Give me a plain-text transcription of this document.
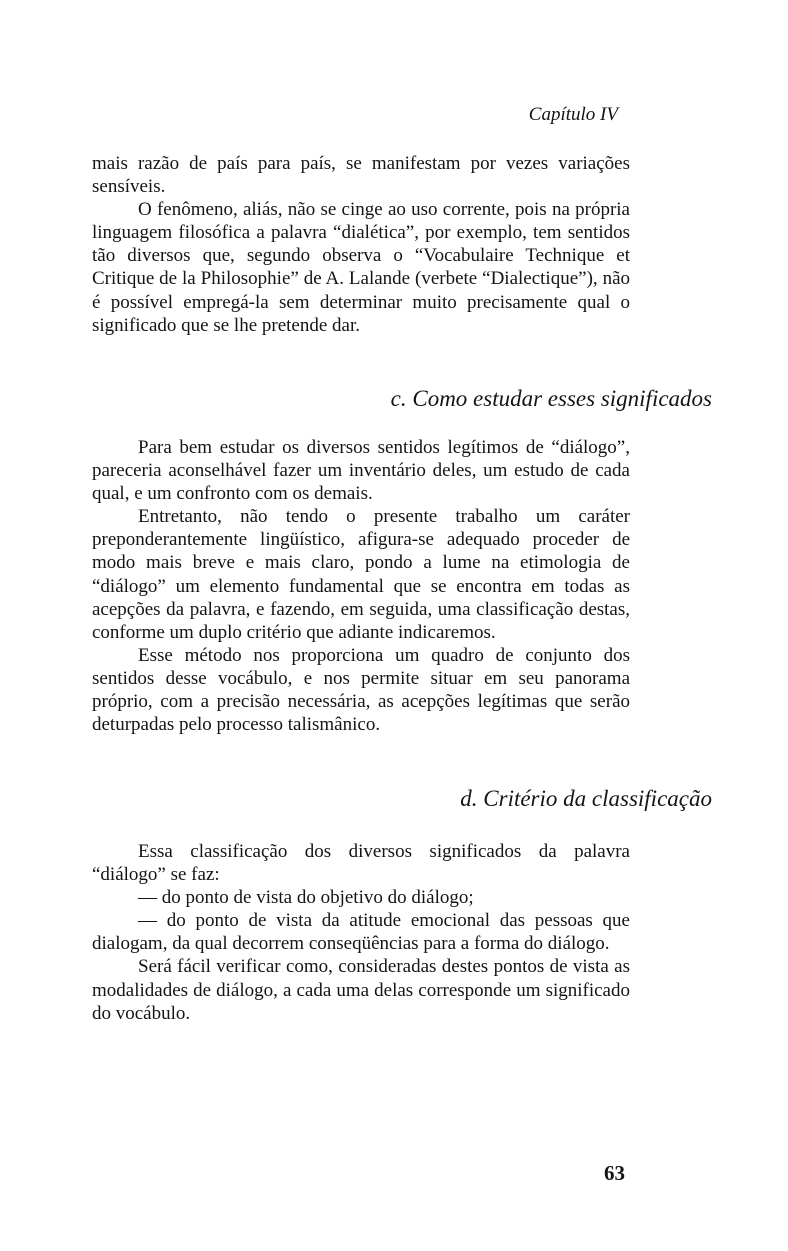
Capítulo IV

mais razão de país para país, se manifestam por vezes variações sensíveis.

O fenômeno, aliás, não se cinge ao uso corrente, pois na própria linguagem filosófica a palavra “dialética”, por exemplo, tem sentidos tão diversos que, segundo observa o “Vocabulaire Technique et Critique de la Philosophie” de A. Lalande (verbete “Dialectique”), não é possível empregá-la sem determinar muito precisamente qual o significado que se lhe pretende dar.

c. Como estudar esses significados

Para bem estudar os diversos sentidos legítimos de “diálogo”, pareceria aconselhável fazer um inventário deles, um estudo de cada qual, e um confronto com os demais.

Entretanto, não tendo o presente trabalho um caráter preponderantemente lingüístico, afigura-se adequado proceder de modo mais breve e mais claro, pondo a lume na etimologia de “diálogo” um elemento fundamental que se encontra em todas as acepções da palavra, e fazendo, em seguida, uma classificação destas, conforme um duplo critério que adiante indicaremos.

Esse método nos proporciona um quadro de conjunto dos sentidos desse vocábulo, e nos permite situar em seu panorama próprio, com a precisão necessária, as acepções legítimas que serão deturpadas pelo processo talismânico.

d. Critério da classificação

Essa classificação dos diversos significados da palavra “diálogo” se faz:

— do ponto de vista do objetivo do diálogo;

— do ponto de vista da atitude emocional das pessoas que dialogam, da qual decorrem conseqüências para a forma do diálogo.

Será fácil verificar como, consideradas destes pontos de vista as modalidades de diálogo, a cada uma delas corresponde um significado do vocábulo.

63
